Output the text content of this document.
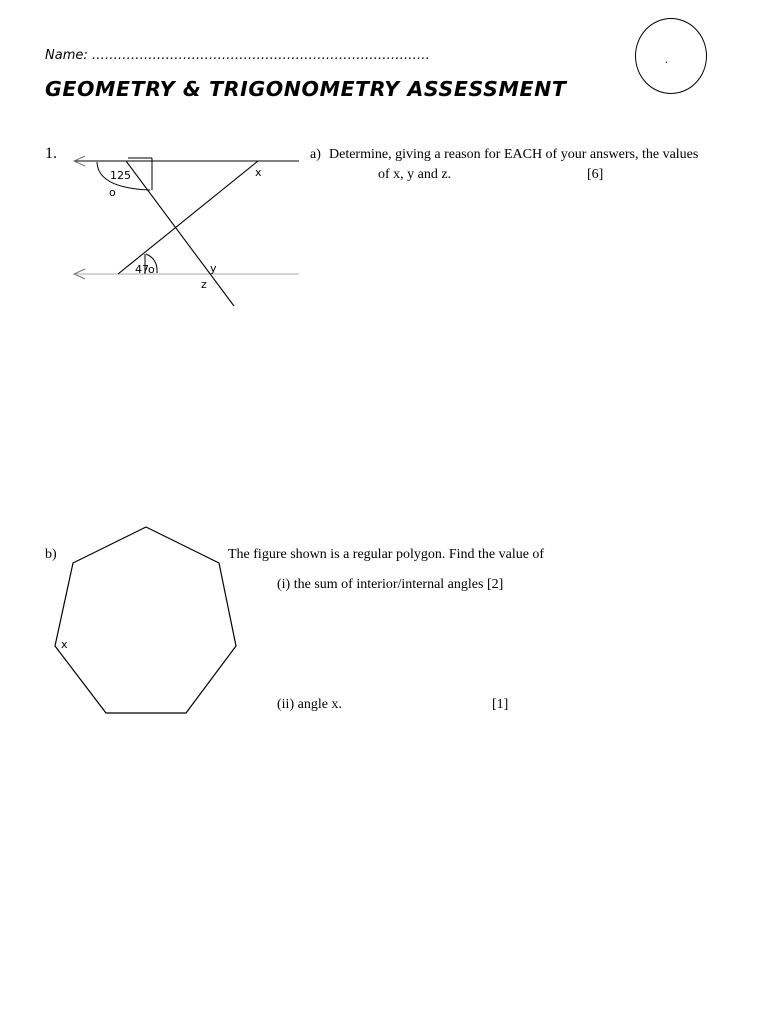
Name: ……………………………………………………………………
GEOMETRY & TRIGONOMETRY ASSESSMENT
.
1.
125
o
x
47 o	y
z
a) Determine, giving a reason for EACH of your answers, the values
of x, y and z.	[6]
b)
x
The figure shown is a regular polygon. Find the value of
(i) the sum of interior/internal angles [2]
(ii) angle x.	[1]
